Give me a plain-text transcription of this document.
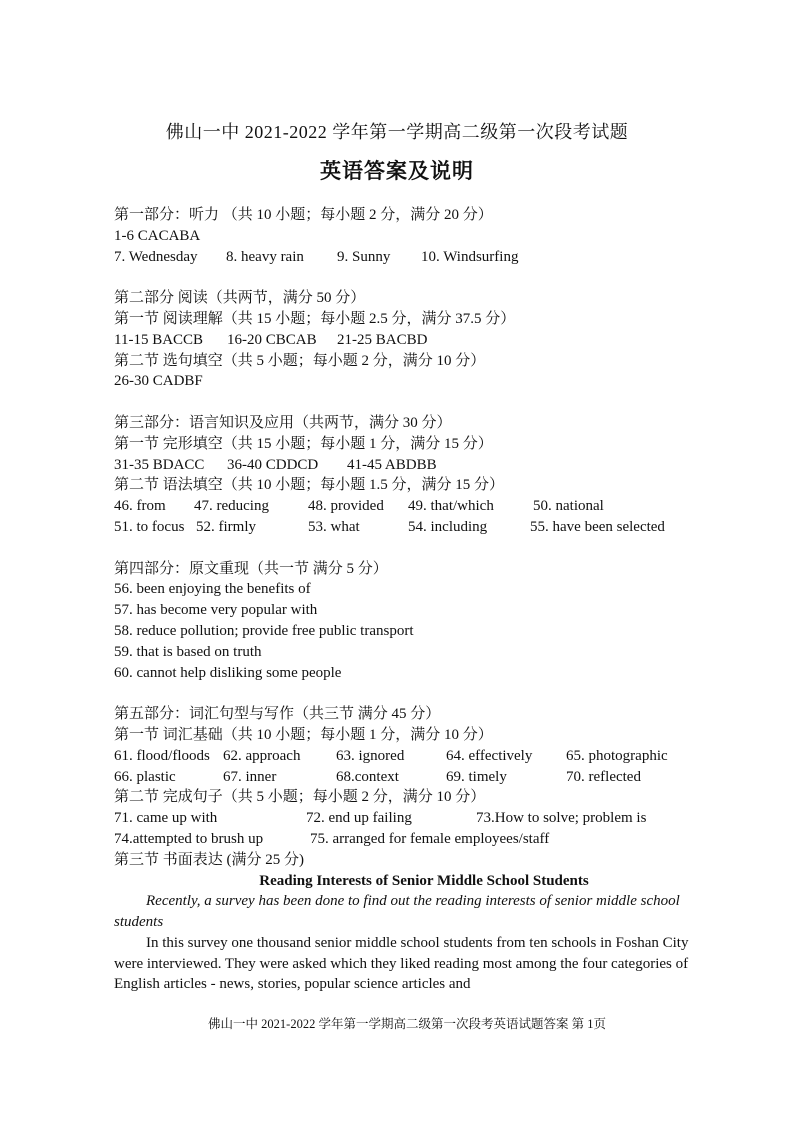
佛山一中 2021-2022 学年第一学期高二级第一次段考试题
英语答案及说明
第一部分：听力 （共 10 小题；每小题 2 分，满分 20 分）
1-6 CACABA
7. Wednesday	8. heavy rain	9. Sunny	10. Windsurfing
第二部分 阅读（共两节，满分 50 分）
第一节 阅读理解（共 15 小题；每小题 2.5 分，满分 37.5 分）
11-15 BACCB	16-20 CBCAB	21-25 BACBD
第二节 选句填空（共 5 小题；每小题 2 分，满分 10 分）
26-30 CADBF
第三部分：语言知识及应用（共两节，满分 30 分）
第一节 完形填空（共 15 小题；每小题 1 分，满分 15 分）
31-35 BDACC	36-40 CDDCD	41-45 ABDBB
第二节 语法填空（共 10 小题；每小题 1.5 分，满分 15 分）
46. from	47. reducing	48. provided	49. that/which	50. national
51. to focus 52. firmly	53. what	54. including	55. have been selected
第四部分：原文重现（共一节 满分 5 分）
56. been enjoying the benefits of
57. has become very popular with
58. reduce pollution; provide free public transport
59. that is based on truth
60. cannot help disliking some people
第五部分：词汇句型与写作（共三节 满分 45 分）
第一节 词汇基础（共 10 小题；每小题 1 分，满分 10 分）
61. flood/floods 62. approach	63. ignored	64. effectively	65. photographic
66. plastic	67. inner	68.context	69. timely	70. reflected
第二节 完成句子（共 5 小题；每小题 2 分，满分 10 分）
71. came up with	72. end up failing	73.How to solve; problem is
74.attempted to brush up	75. arranged for female employees/staff
第三节 书面表达 (满分 25 分)
Reading Interests of Senior Middle School Students

Recently, a survey has been done to find out the reading interests of senior middle school students

In this survey one thousand senior middle school students from ten schools in Foshan City were interviewed. They were asked which they liked reading most among the four categories of English articles - news, stories, popular science articles and

佛山一中 2021-2022 学年第一学期高二级第一次段考英语试题答案 第 1页
